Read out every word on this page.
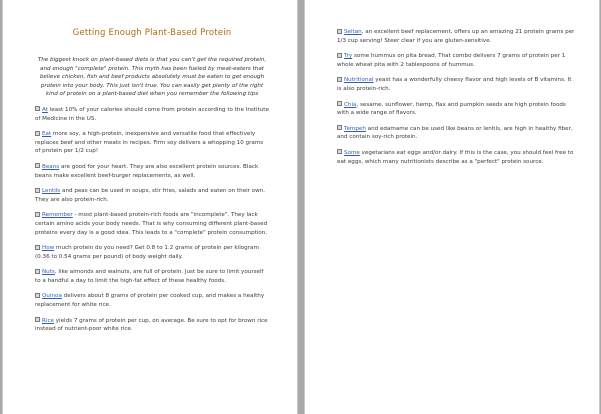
Getting Enough Plant-Based Protein
The biggest knock on plant-based diets is that you can't get the required protein, and enough "complete" protein. This myth has been fueled by meat-eaters that believe chicken, fish and beef products absolutely must be eaten to get enough protein into your body. This just isn't true. You can easily get plenty of the right kind of protein on a plant-based diet when you remember the following tips
At least 10% of your calories should come from protein according to the Institute of Medicine in the US.
Eat more soy, a high-protein, inexpensive and versatile food that effectively replaces beef and other meats in recipes. Firm soy delivers a whopping 10 grams of protein per 1/2 cup!
Beans are good for your heart. They are also excellent protein sources. Black beans make excellent beef-burger replacements, as well.
Lentils and peas can be used in soups, stir fries, salads and eaten on their own. They are also protein-rich.
Remember - most plant-based protein-rich foods are "incomplete". They lack certain amino acids your body needs. That is why consuming different plant-based proteins every day is a good idea. This leads to a "complete" protein consumption.
How much protein do you need? Get 0.8 to 1.2 grams of protein per kilogram (0.36 to 0.54 grams per pound) of body weight daily.
Nuts, like almonds and walnuts, are full of protein. Just be sure to limit yourself to a handful a day to limit the high-fat effect of these healthy foods.
Quinoa delivers about 8 grams of protein per cooked cup, and makes a healthy replacement for white rice.
Rice yields 7 grams of protein per cup, on average. Be sure to opt for brown rice instead of nutrient-poor white rice.
Seitan, an excellent beef replacement, offers up an amazing 21 protein grams per 1/3 cup serving! Steer clear if you are gluten-sensitive.
Try some hummus on pita bread. That combo delivers 7 grams of protein per 1 whole wheat pita with 2 tablespoons of hummus.
Nutritional yeast has a wonderfully cheesy flavor and high levels of B vitamins. It is also protein-rich.
Chia, sesame, sunflower, hemp, flax and pumpkin seeds are high protein foods with a wide range of flavors.
Tempeh and edamame can be used like beans or lentils, are high in healthy fiber, and contain soy-rich protein.
Some vegetarians eat eggs and/or dairy. If this is the case, you should feel free to eat eggs, which many nutritionists describe as a "perfect" protein source.
